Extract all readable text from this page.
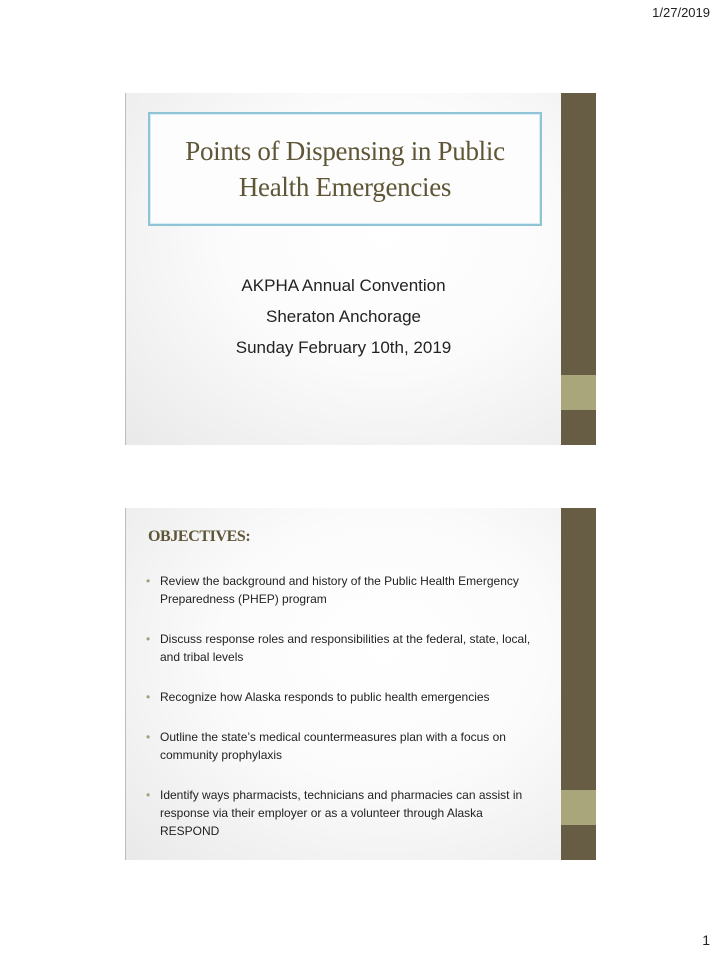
1/27/2019
Points of Dispensing in Public Health Emergencies
AKPHA Annual Convention
Sheraton Anchorage
Sunday February 10th, 2019
OBJECTIVES:
• Review the background and history of the Public Health Emergency Preparedness (PHEP) program
• Discuss response roles and responsibilities at the federal, state, local, and tribal levels
• Recognize how Alaska responds to public health emergencies
• Outline the state’s medical countermeasures plan with a focus on community prophylaxis
• Identify ways pharmacists, technicians and pharmacies can assist in response via their employer or as a volunteer through Alaska RESPOND
1
